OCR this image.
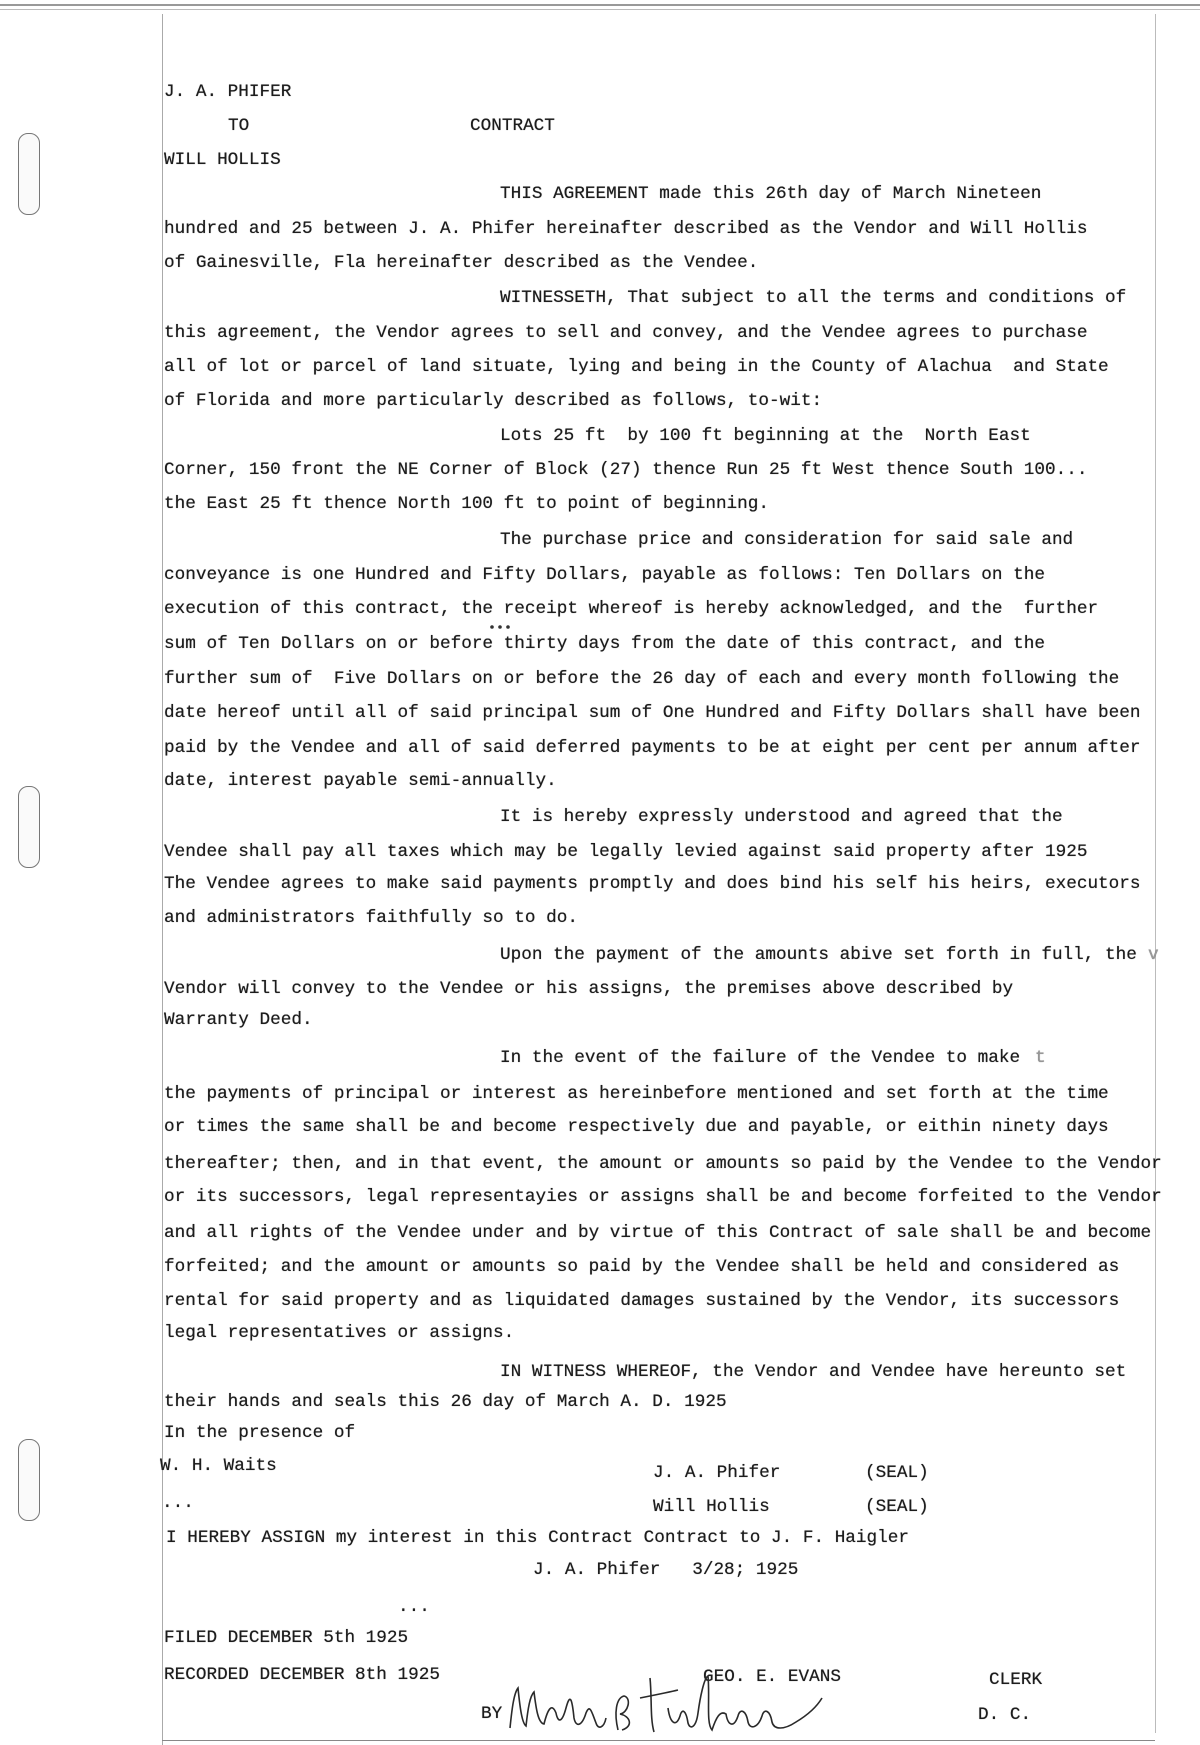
J. A. PHIFER
TO	CONTRACT
WILL HOLLIS
THIS AGREEMENT made this 26th day of March Nineteen
hundred and 25 between J. A. Phifer hereinafter described as the Vendor and Will Hollis
of Gainesville, Fla hereinafter described as the Vendee.
WITNESSETH, That subject to all the terms and conditions of
this agreement, the Vendor agrees to sell and convey, and the Vendee agrees to purchase
all of lot or parcel of land situate, lying and being in the County of Alachua  and State
of Florida and more particularly described as follows, to-wit:
Lots 25 ft  by 100 ft beginning at the  North East
Corner, 150 front the NE Corner of Block (27) thence Run 25 ft West thence South 100...
the East 25 ft thence North 100 ft to point of beginning.
The purchase price and consideration for said sale and
conveyance is one Hundred and Fifty Dollars, payable as follows: Ten Dollars on the
execution of this contract, the receipt whereof is hereby acknowledged, and the  further
sum of Ten Dollars on or before thirty days from the date of this contract, and the
further sum of  Five Dollars on or before the 26 day of each and every month following the
date hereof until all of said principal sum of One Hundred and Fifty Dollars shall have been
paid by the Vendee and all of said deferred payments to be at eight per cent per annum after
date, interest payable semi-annually.
It is hereby expressly understood and agreed that the
Vendee shall pay all taxes which may be legally levied against said property after 1925
The Vendee agrees to make said payments promptly and does bind his self his heirs, executors
and administrators faithfully so to do.
Upon the payment of the amounts abive set forth in full, the v
Vendor will convey to the Vendee or his assigns, the premises above described by
Warranty Deed.
In the event of the failure of the Vendee to make t
the payments of principal or interest as hereinbefore mentioned and set forth at the time
or times the same shall be and become respectively due and payable, or eithin ninety days
thereafter; then, and in that event, the amount or amounts so paid by the Vendee to the Vendor
or its successors, legal representayies or assigns shall be and become forfeited to the Vendor
and all rights of the Vendee under and by virtue of this Contract of sale shall be and become
forfeited; and the amount or amounts so paid by the Vendee shall be held and considered as
rental for said property and as liquidated damages sustained by the Vendor, its successors
legal representatives or assigns.
IN WITNESS WHEREOF, the Vendor and Vendee have hereunto set
their hands and seals this 26 day of March A. D. 1925
In the presence of
W. H. Waits	J. A. Phifer	(SEAL)
...	Will Hollis	(SEAL)
I HEREBY ASSIGN my interest in this Contract Contract to J. F. Haigler
J. A. Phifer   3/28; 1925
...
FILED DECEMBER 5th 1925
RECORDED DECEMBER 8th 1925	GEO. E. EVANS	CLERK
BY	D. C.
